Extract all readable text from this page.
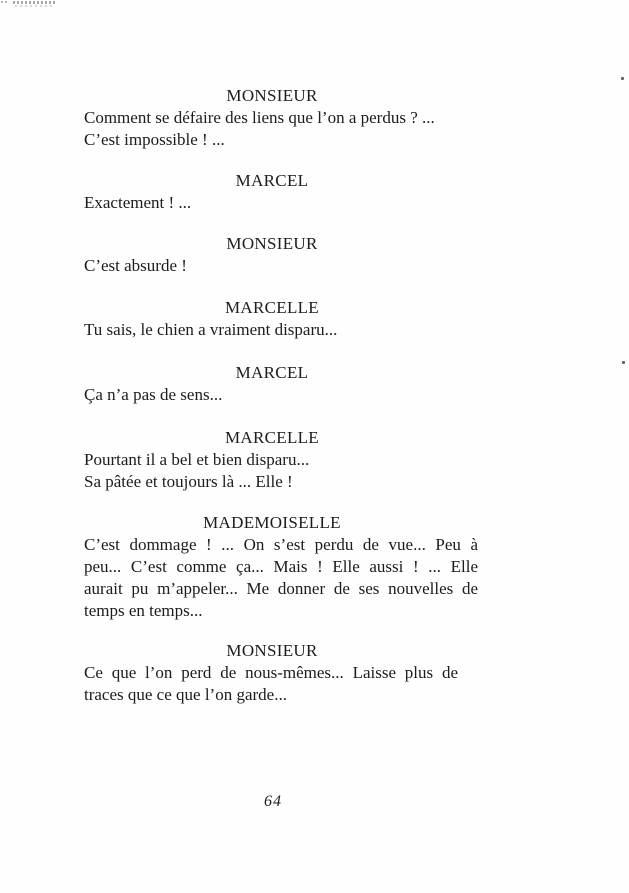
MONSIEUR
Comment se défaire des liens que l’on a perdus ? ...
C’est impossible ! ...
MARCEL
Exactement ! ...
MONSIEUR
C’est absurde !
MARCELLE
Tu sais, le chien a vraiment disparu...
MARCEL
Ça n’a pas de sens...
MARCELLE
Pourtant il a bel et bien disparu...
Sa pâtée et toujours là ... Elle !
MADEMOISELLE
C’est dommage ! ... On s’est perdu de vue... Peu à
peu... C’est comme ça... Mais ! Elle aussi ! ... Elle
aurait pu m’appeler... Me donner de ses nouvelles de
temps en temps...
MONSIEUR
Ce que l’on perd de nous-mêmes... Laisse plus de
traces que ce que l’on garde...
64
